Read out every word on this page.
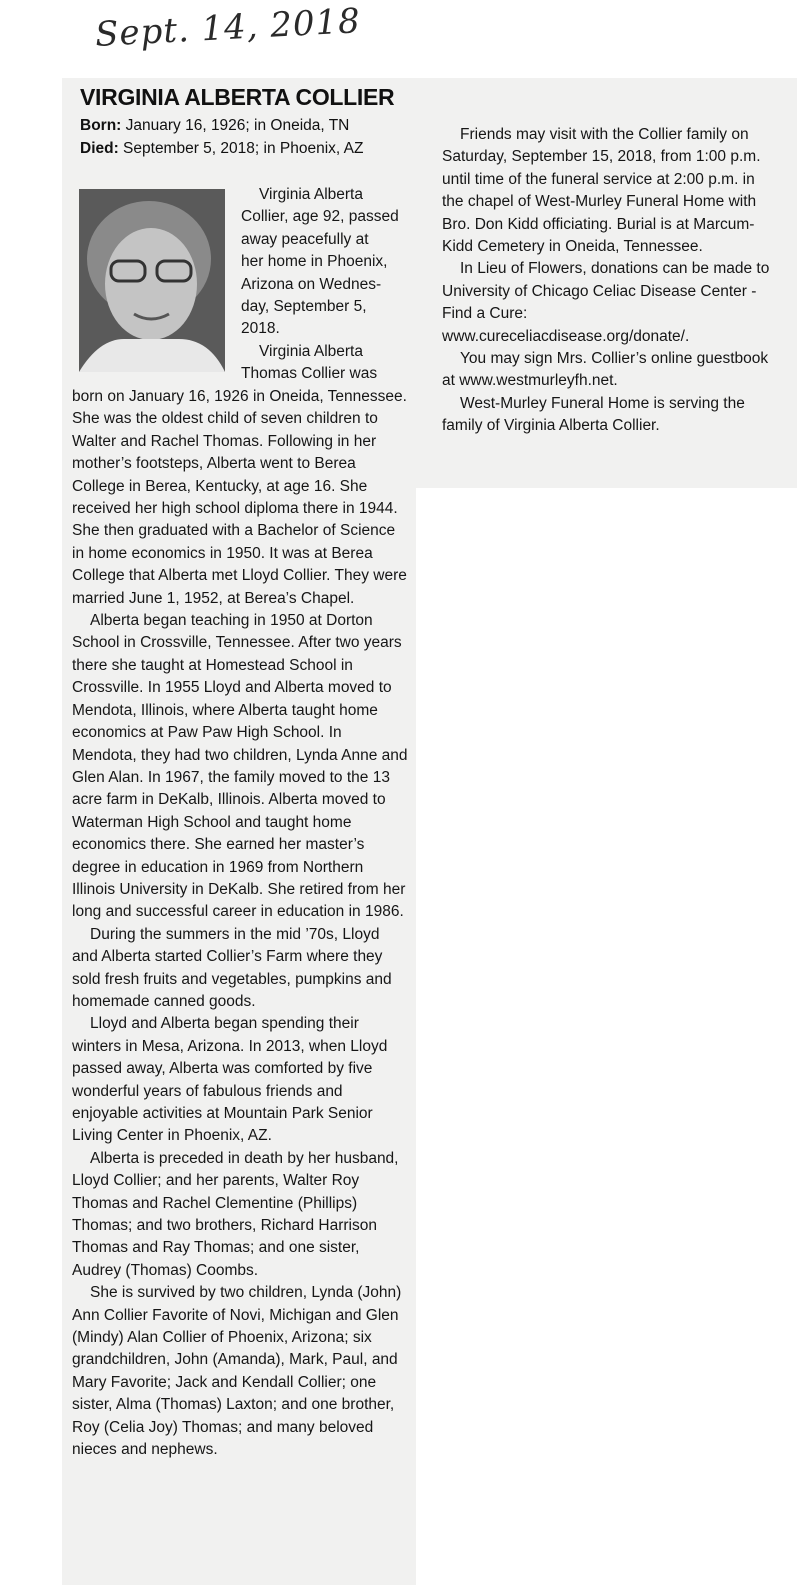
Sept. 14, 2018
VIRGINIA ALBERTA COLLIER
Born: January 16, 1926; in Oneida, TN
Died: September 5, 2018; in Phoenix, AZ

Virginia Alberta

Collier, age 92, passed

away peacefully at

her home in Phoenix,

Arizona on Wednes-

day, September 5,

2018.

Virginia Alberta

Thomas Collier was

born on January 16, 1926 in Oneida, Tennessee. She was the oldest child of seven children to Walter and Rachel Thomas. Following in her mother’s footsteps, Alberta went to Berea College in Berea, Kentucky, at age 16. She received her high school diploma there in 1944. She then graduated with a Bachelor of Science in home economics in 1950. It was at Berea College that Alberta met Lloyd Collier. They were married June 1, 1952, at Berea’s Chapel.

Alberta began teaching in 1950 at Dorton School in Crossville, Tennessee. After two years there she taught at Homestead School in Crossville. In 1955 Lloyd and Alberta moved to Mendota, Illinois, where Alberta taught home economics at Paw Paw High School. In Mendota, they had two children, Lynda Anne and Glen Alan. In 1967, the family moved to the 13 acre farm in DeKalb, Illinois. Alberta moved to Waterman High School and taught home economics there. She earned her master’s degree in education in 1969 from Northern Illinois University in DeKalb. She retired from her long and successful career in education in 1986.

During the summers in the mid ’70s, Lloyd and Alberta started Collier’s Farm where they sold fresh fruits and vegetables, pumpkins and homemade canned goods.

Lloyd and Alberta began spending their winters in Mesa, Arizona. In 2013, when Lloyd passed away, Alberta was comforted by five wonderful years of fabulous friends and enjoyable activities at Mountain Park Senior Living Center in Phoenix, AZ.

Alberta is preceded in death by her husband, Lloyd Collier; and her parents, Walter Roy Thomas and Rachel Clementine (Phillips) Thomas; and two brothers, Richard Harrison Thomas and Ray Thomas; and one sister, Audrey (Thomas) Coombs.

She is survived by two children, Lynda (John) Ann Collier Favorite of Novi, Michigan and Glen (Mindy) Alan Collier of Phoenix, Arizona; six grandchildren, John (Amanda), Mark, Paul, and Mary Favorite; Jack and Kendall Collier; one sister, Alma (Thomas) Laxton; and one brother, Roy (Celia Joy) Thomas; and many beloved nieces and nephews.

Friends may visit with the Collier family on Saturday, September 15, 2018, from 1:00 p.m. until time of the funeral service at 2:00 p.m. in the chapel of West-Murley Funeral Home with Bro. Don Kidd officiating. Burial is at Marcum-Kidd Cemetery in Oneida, Tennessee.

In Lieu of Flowers, donations can be made to University of Chicago Celiac Disease Center - Find a Cure: www.cureceliacdisease.org/donate/.

You may sign Mrs. Collier’s online guestbook at www.westmurleyfh.net.

West-Murley Funeral Home is serving the family of Virginia Alberta Collier.
